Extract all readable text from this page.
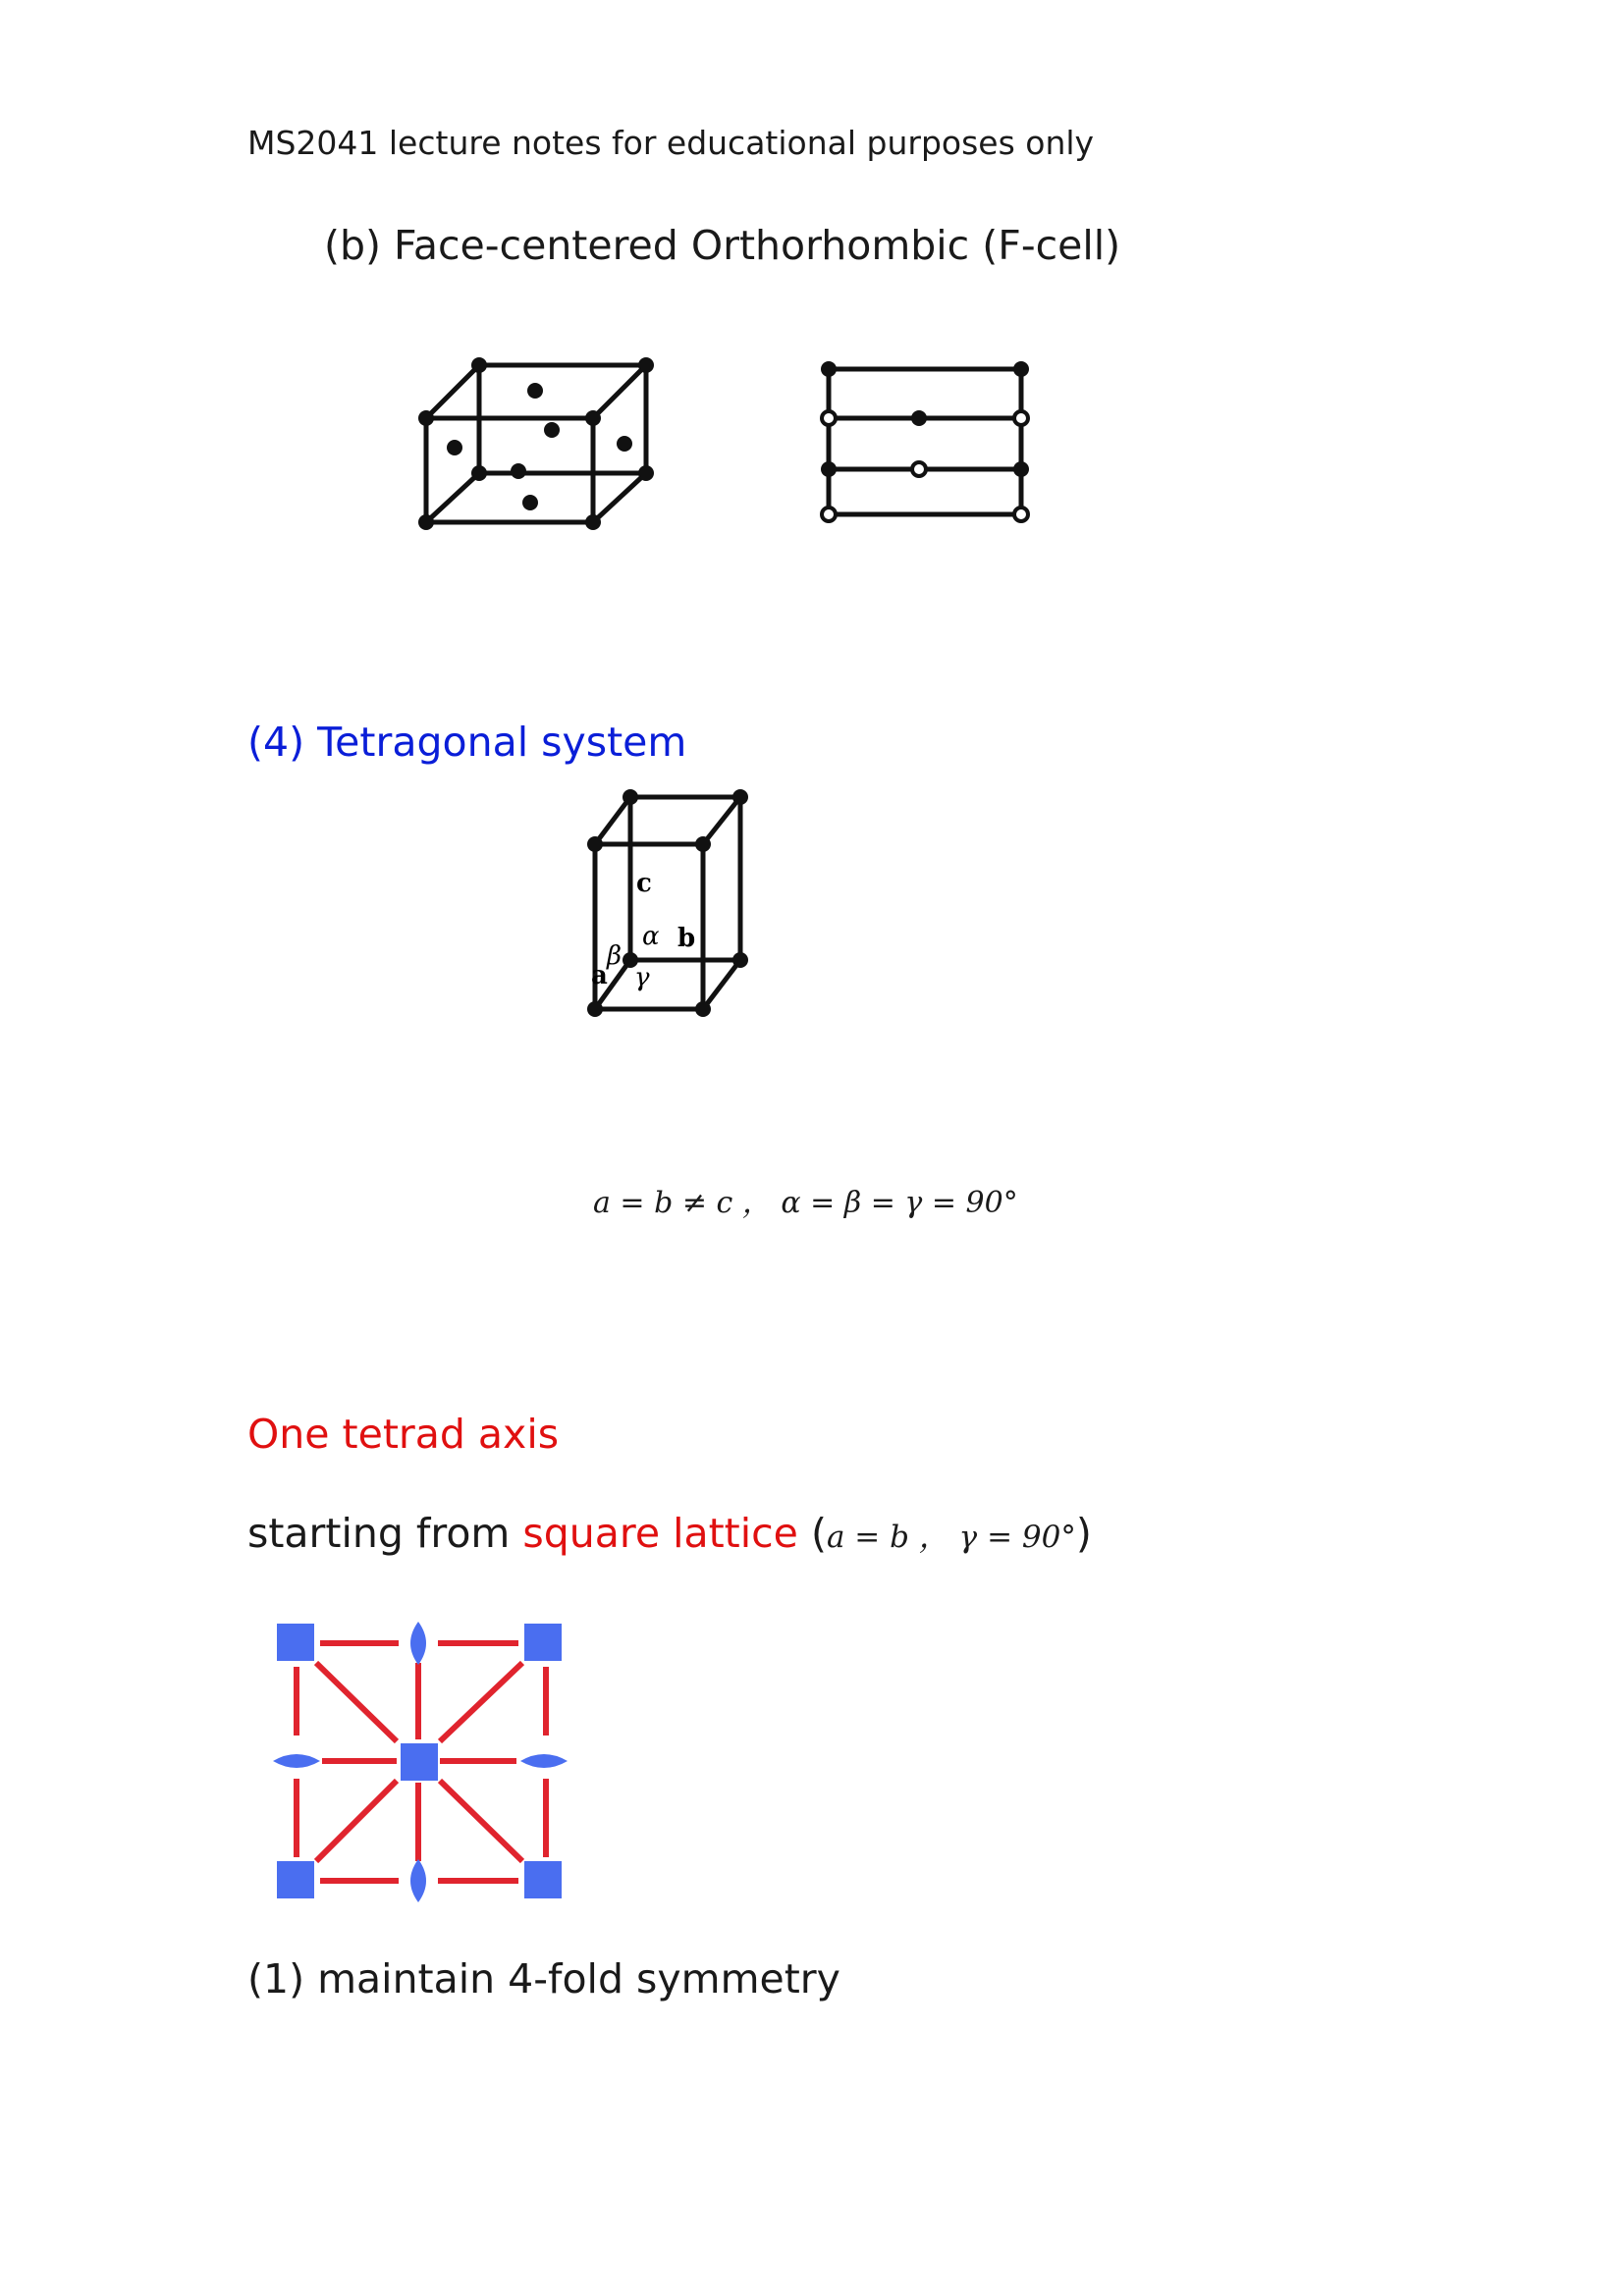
MS2041 lecture notes for educational purposes only
(b) Face-centered Orthorhombic (F-cell)
(4) Tetragonal system
c
b
a
α
β
γ
a = b ≠ c ， α = β = γ = 90°
One tetrad axis
starting from square lattice (a = b ， γ = 90°)
(1) maintain 4-fold symmetry
